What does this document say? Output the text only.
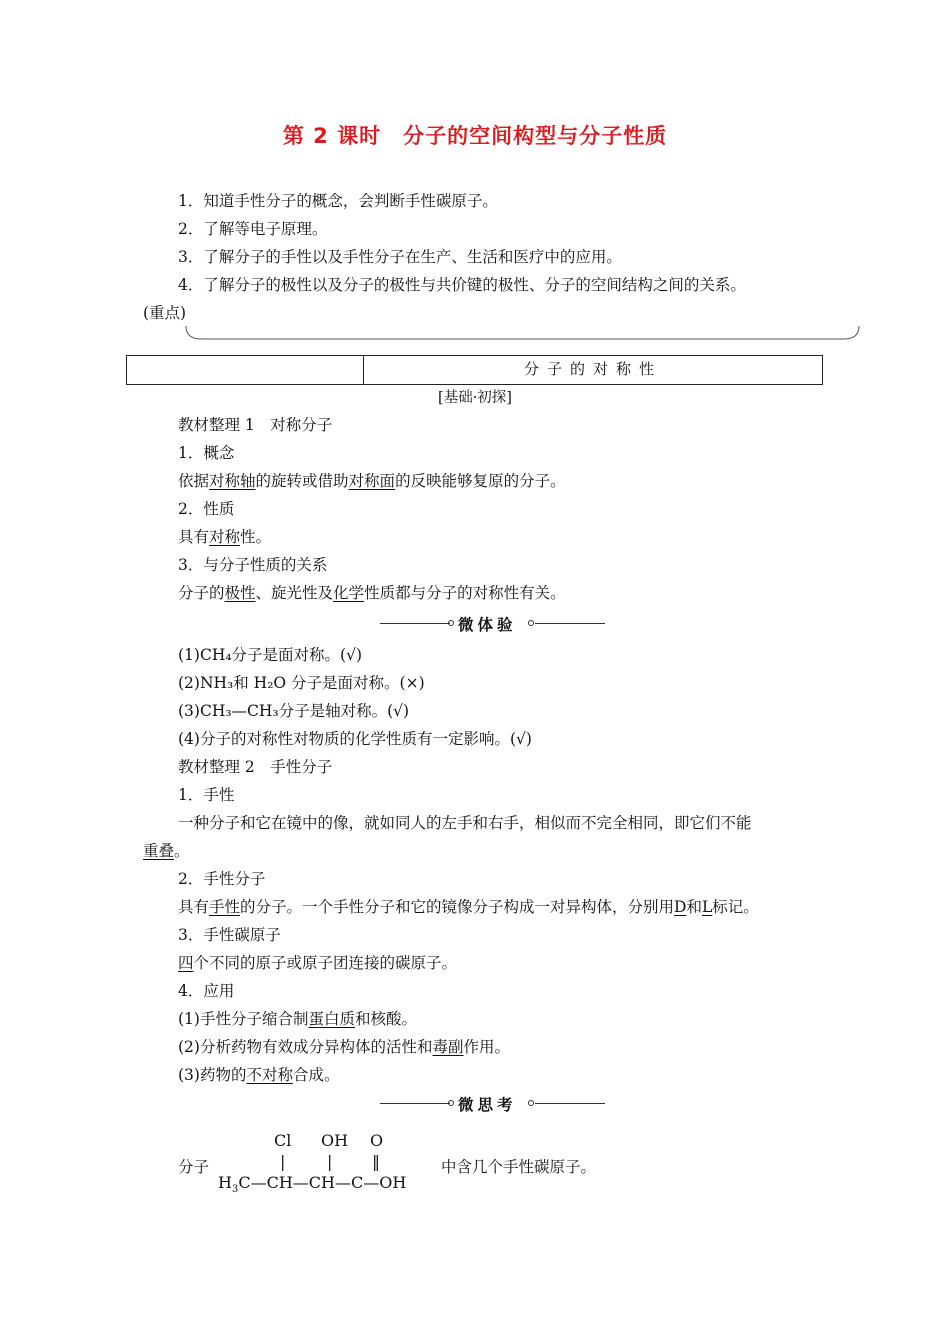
第 2 课时　分子的空间构型与分子性质
1．知道手性分子的概念，会判断手性碳原子。
2．了解等电子原理。
3．了解分子的手性以及手性分子在生产、生活和医疗中的应用。
4．了解分子的极性以及分子的极性与共价键的极性、分子的空间结构之间的关系。
(重点)
分子的对称性
[基础·初探]
教材整理 1　对称分子
1．概念
依据对称轴的旋转或借助对称面的反映能够复原的分子。
2．性质
具有对称性。
3．与分子性质的关系
分子的极性、旋光性及化学性质都与分子的对称性有关。
微体验
(1)CH₄分子是面对称。(√)
(2)NH₃和 H₂O 分子是面对称。(×)
(3)CH₃—CH₃分子是轴对称。(√)
(4)分子的对称性对物质的化学性质有一定影响。(√)
教材整理 2　手性分子
1．手性
一种分子和它在镜中的像，就如同人的左手和右手，相似而不完全相同，即它们不能
重叠。
2．手性分子
具有手性的分子。一个手性分子和它的镜像分子构成一对异构体，分别用D和L标记。
3．手性碳原子
四个不同的原子或原子团连接的碳原子。
4．应用
(1)手性分子缩合制蛋白质和核酸。
(2)分析药物有效成分异构体的活性和毒副作用。
(3)药物的不对称合成。
微思考
分子
Cl OH O
|	| ‖
$H_3C—CH—CH—C—OH$
中含几个手性碳原子。
